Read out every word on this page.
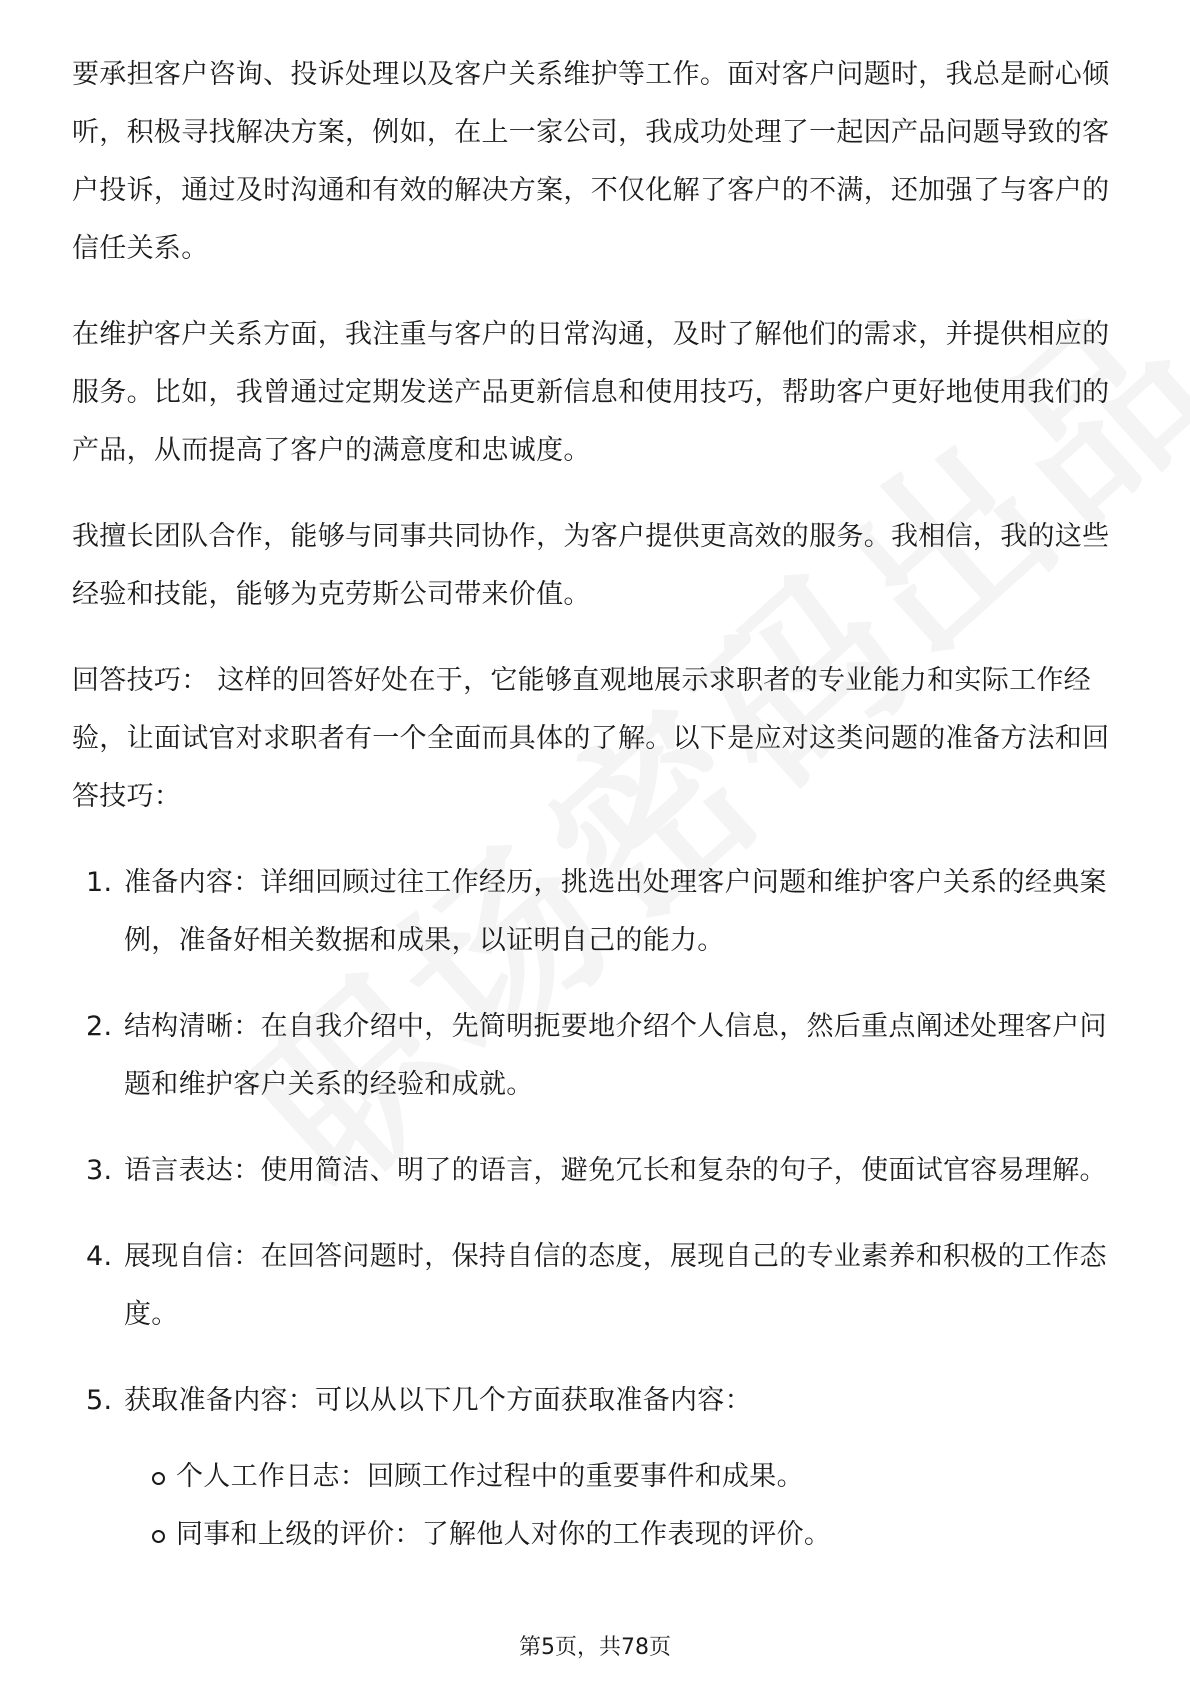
要承担客户咨询、投诉处理以及客户关系维护等工作。面对客户问题时，我总是耐心倾听，积极寻找解决方案，例如，在上一家公司，我成功处理了一起因产品问题导致的客户投诉，通过及时沟通和有效的解决方案，不仅化解了客户的不满，还加强了与客户的信任关系。

在维护客户关系方面，我注重与客户的日常沟通，及时了解他们的需求，并提供相应的服务。比如，我曾通过定期发送产品更新信息和使用技巧，帮助客户更好地使用我们的产品，从而提高了客户的满意度和忠诚度。

我擅长团队合作，能够与同事共同协作，为客户提供更高效的服务。我相信，我的这些经验和技能，能够为克劳斯公司带来价值。

回答技巧： 这样的回答好处在于，它能够直观地展示求职者的专业能力和实际工作经验，让面试官对求职者有一个全面而具体的了解。以下是应对这类问题的准备方法和回答技巧：

1. 准备内容：详细回顾过往工作经历，挑选出处理客户问题和维护客户关系的经典案例，准备好相关数据和成果，以证明自己的能力。
2. 结构清晰：在自我介绍中，先简明扼要地介绍个人信息，然后重点阐述处理客户问题和维护客户关系的经验和成就。
3. 语言表达：使用简洁、明了的语言，避免冗长和复杂的句子，使面试官容易理解。
4. 展现自信：在回答问题时，保持自信的态度，展现自己的专业素养和积极的工作态度。
5. 获取准备内容：可以从以下几个方面获取准备内容：
个人工作日志：回顾工作过程中的重要事件和成果。
同事和上级的评价：了解他人对你的工作表现的评价。
第5页，共78页
